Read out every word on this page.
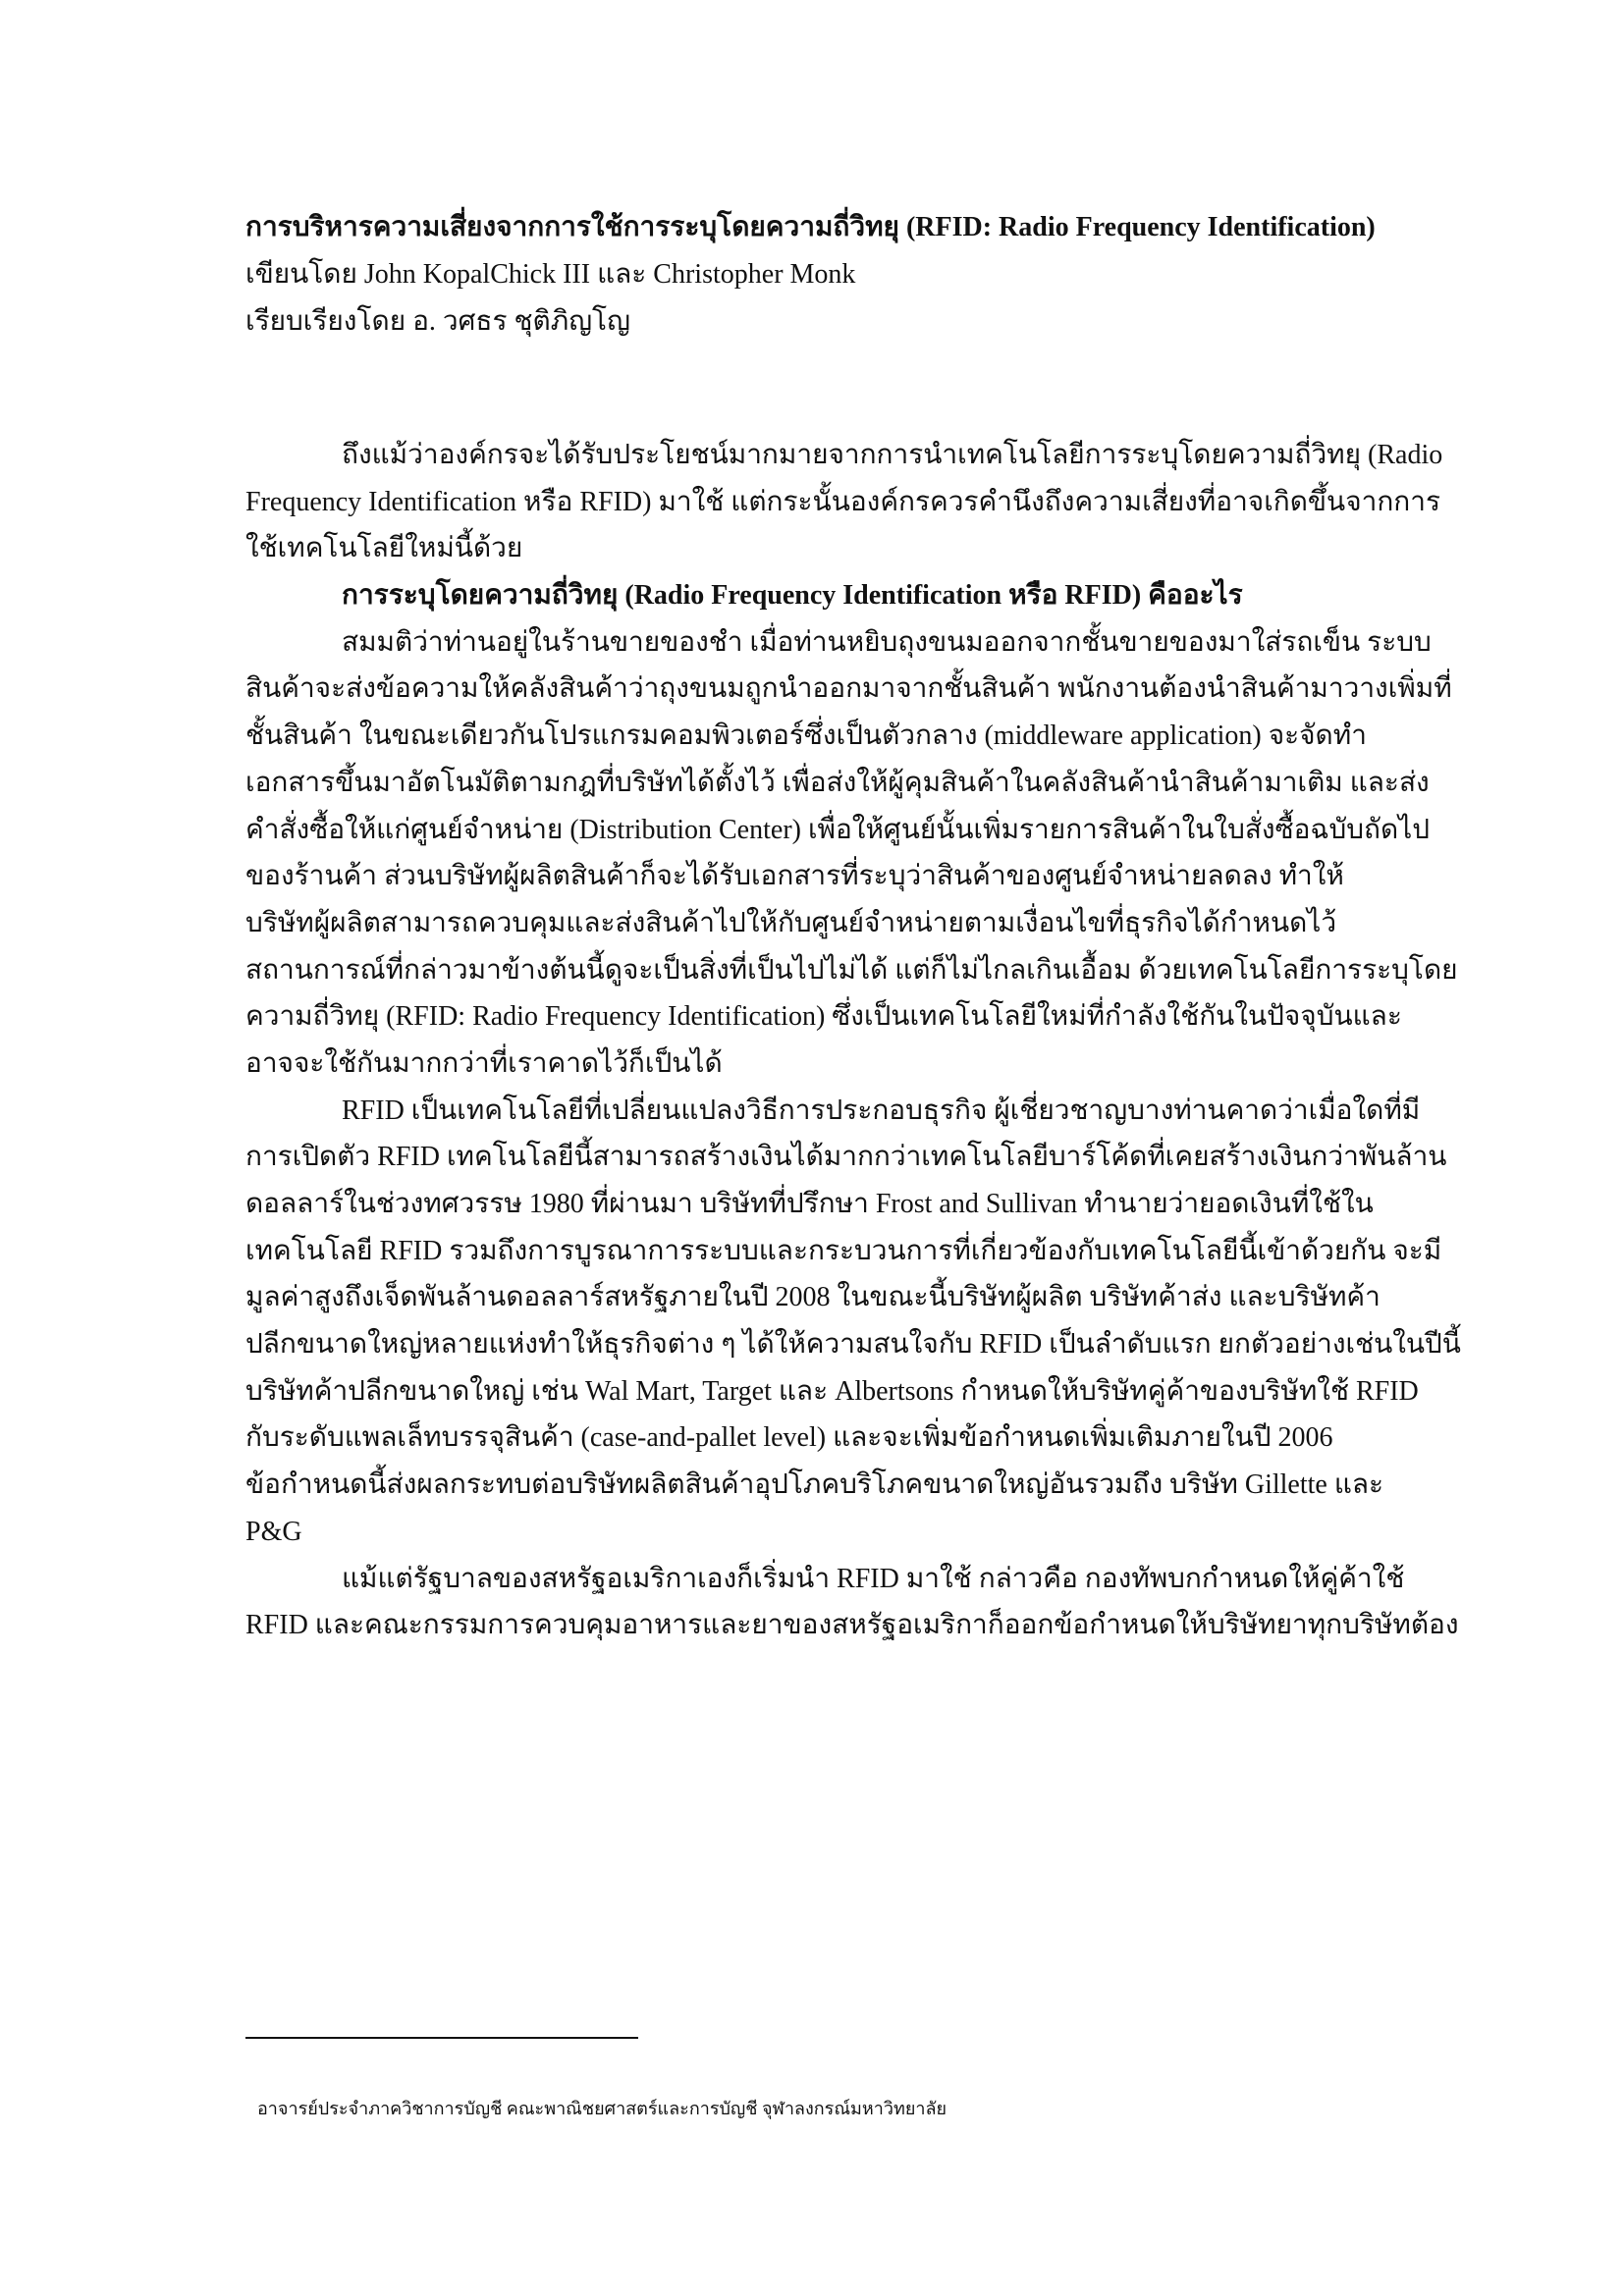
การบริหารความเสี่ยงจากการใช้การระบุโดยความถี่วิทยุ (RFID: Radio Frequency Identification)

เขียนโดย John KopalChick III และ Christopher Monk

เรียบเรียงโดย อ. วศธร ชุติภิญโญ

ถึงแม้ว่าองค์กรจะได้รับประโยชน์มากมายจากการนำเทคโนโลยีการระบุโดยความถี่วิทยุ (Radio

Frequency Identification หรือ RFID) มาใช้ แต่กระนั้นองค์กรควรคำนึงถึงความเสี่ยงที่อาจเกิดขึ้นจากการ

ใช้เทคโนโลยีใหม่นี้ด้วย

การระบุโดยความถี่วิทยุ (Radio Frequency Identification หรือ RFID) คืออะไร

สมมติว่าท่านอยู่ในร้านขายของชำ เมื่อท่านหยิบถุงขนมออกจากชั้นขายของมาใส่รถเข็น ระบบ

สินค้าจะส่งข้อความให้คลังสินค้าว่าถุงขนมถูกนำออกมาจากชั้นสินค้า พนักงานต้องนำสินค้ามาวางเพิ่มที่

ชั้นสินค้า ในขณะเดียวกันโปรแกรมคอมพิวเตอร์ซึ่งเป็นตัวกลาง (middleware application) จะจัดทำ

เอกสารขึ้นมาอัตโนมัติตามกฎที่บริษัทได้ตั้งไว้ เพื่อส่งให้ผู้คุมสินค้าในคลังสินค้านำสินค้ามาเติม และส่ง

คำสั่งซื้อให้แก่ศูนย์จำหน่าย (Distribution Center) เพื่อให้ศูนย์นั้นเพิ่มรายการสินค้าในใบสั่งซื้อฉบับถัดไป

ของร้านค้า ส่วนบริษัทผู้ผลิตสินค้าก็จะได้รับเอกสารที่ระบุว่าสินค้าของศูนย์จำหน่ายลดลง ทำให้

บริษัทผู้ผลิตสามารถควบคุมและส่งสินค้าไปให้กับศูนย์จำหน่ายตามเงื่อนไขที่ธุรกิจได้กำหนดไว้

สถานการณ์ที่กล่าวมาข้างต้นนี้ดูจะเป็นสิ่งที่เป็นไปไม่ได้ แต่ก็ไม่ไกลเกินเอื้อม ด้วยเทคโนโลยีการระบุโดย

ความถี่วิทยุ (RFID: Radio Frequency Identification) ซึ่งเป็นเทคโนโลยีใหม่ที่กำลังใช้กันในปัจจุบันและ

อาจจะใช้กันมากกว่าที่เราคาดไว้ก็เป็นได้

RFID เป็นเทคโนโลยีที่เปลี่ยนแปลงวิธีการประกอบธุรกิจ ผู้เชี่ยวชาญบางท่านคาดว่าเมื่อใดที่มี

การเปิดตัว RFID เทคโนโลยีนี้สามารถสร้างเงินได้มากกว่าเทคโนโลยีบาร์โค้ดที่เคยสร้างเงินกว่าพันล้าน

ดอลลาร์ในช่วงทศวรรษ 1980 ที่ผ่านมา บริษัทที่ปรึกษา Frost and Sullivan ทำนายว่ายอดเงินที่ใช้ใน

เทคโนโลยี RFID รวมถึงการบูรณาการระบบและกระบวนการที่เกี่ยวข้องกับเทคโนโลยีนี้เข้าด้วยกัน จะมี

มูลค่าสูงถึงเจ็ดพันล้านดอลลาร์สหรัฐภายในปี 2008 ในขณะนี้บริษัทผู้ผลิต บริษัทค้าส่ง และบริษัทค้า

ปลีกขนาดใหญ่หลายแห่งทำให้ธุรกิจต่าง ๆ ได้ให้ความสนใจกับ RFID เป็นลำดับแรก ยกตัวอย่างเช่นในปีนี้

บริษัทค้าปลีกขนาดใหญ่ เช่น Wal Mart, Target และ Albertsons กำหนดให้บริษัทคู่ค้าของบริษัทใช้ RFID

กับระดับแพลเล็ทบรรจุสินค้า (case-and-pallet level) และจะเพิ่มข้อกำหนดเพิ่มเติมภายในปี 2006

ข้อกำหนดนี้ส่งผลกระทบต่อบริษัทผลิตสินค้าอุปโภคบริโภคขนาดใหญ่อันรวมถึง บริษัท Gillette และ

P&G

แม้แต่รัฐบาลของสหรัฐอเมริกาเองก็เริ่มนำ RFID มาใช้ กล่าวคือ กองทัพบกกำหนดให้คู่ค้าใช้

RFID และคณะกรรมการควบคุมอาหารและยาของสหรัฐอเมริกาก็ออกข้อกำหนดให้บริษัทยาทุกบริษัทต้อง

อาจารย์ประจำภาควิชาการบัญชี คณะพาณิชยศาสตร์และการบัญชี จุฬาลงกรณ์มหาวิทยาลัย
